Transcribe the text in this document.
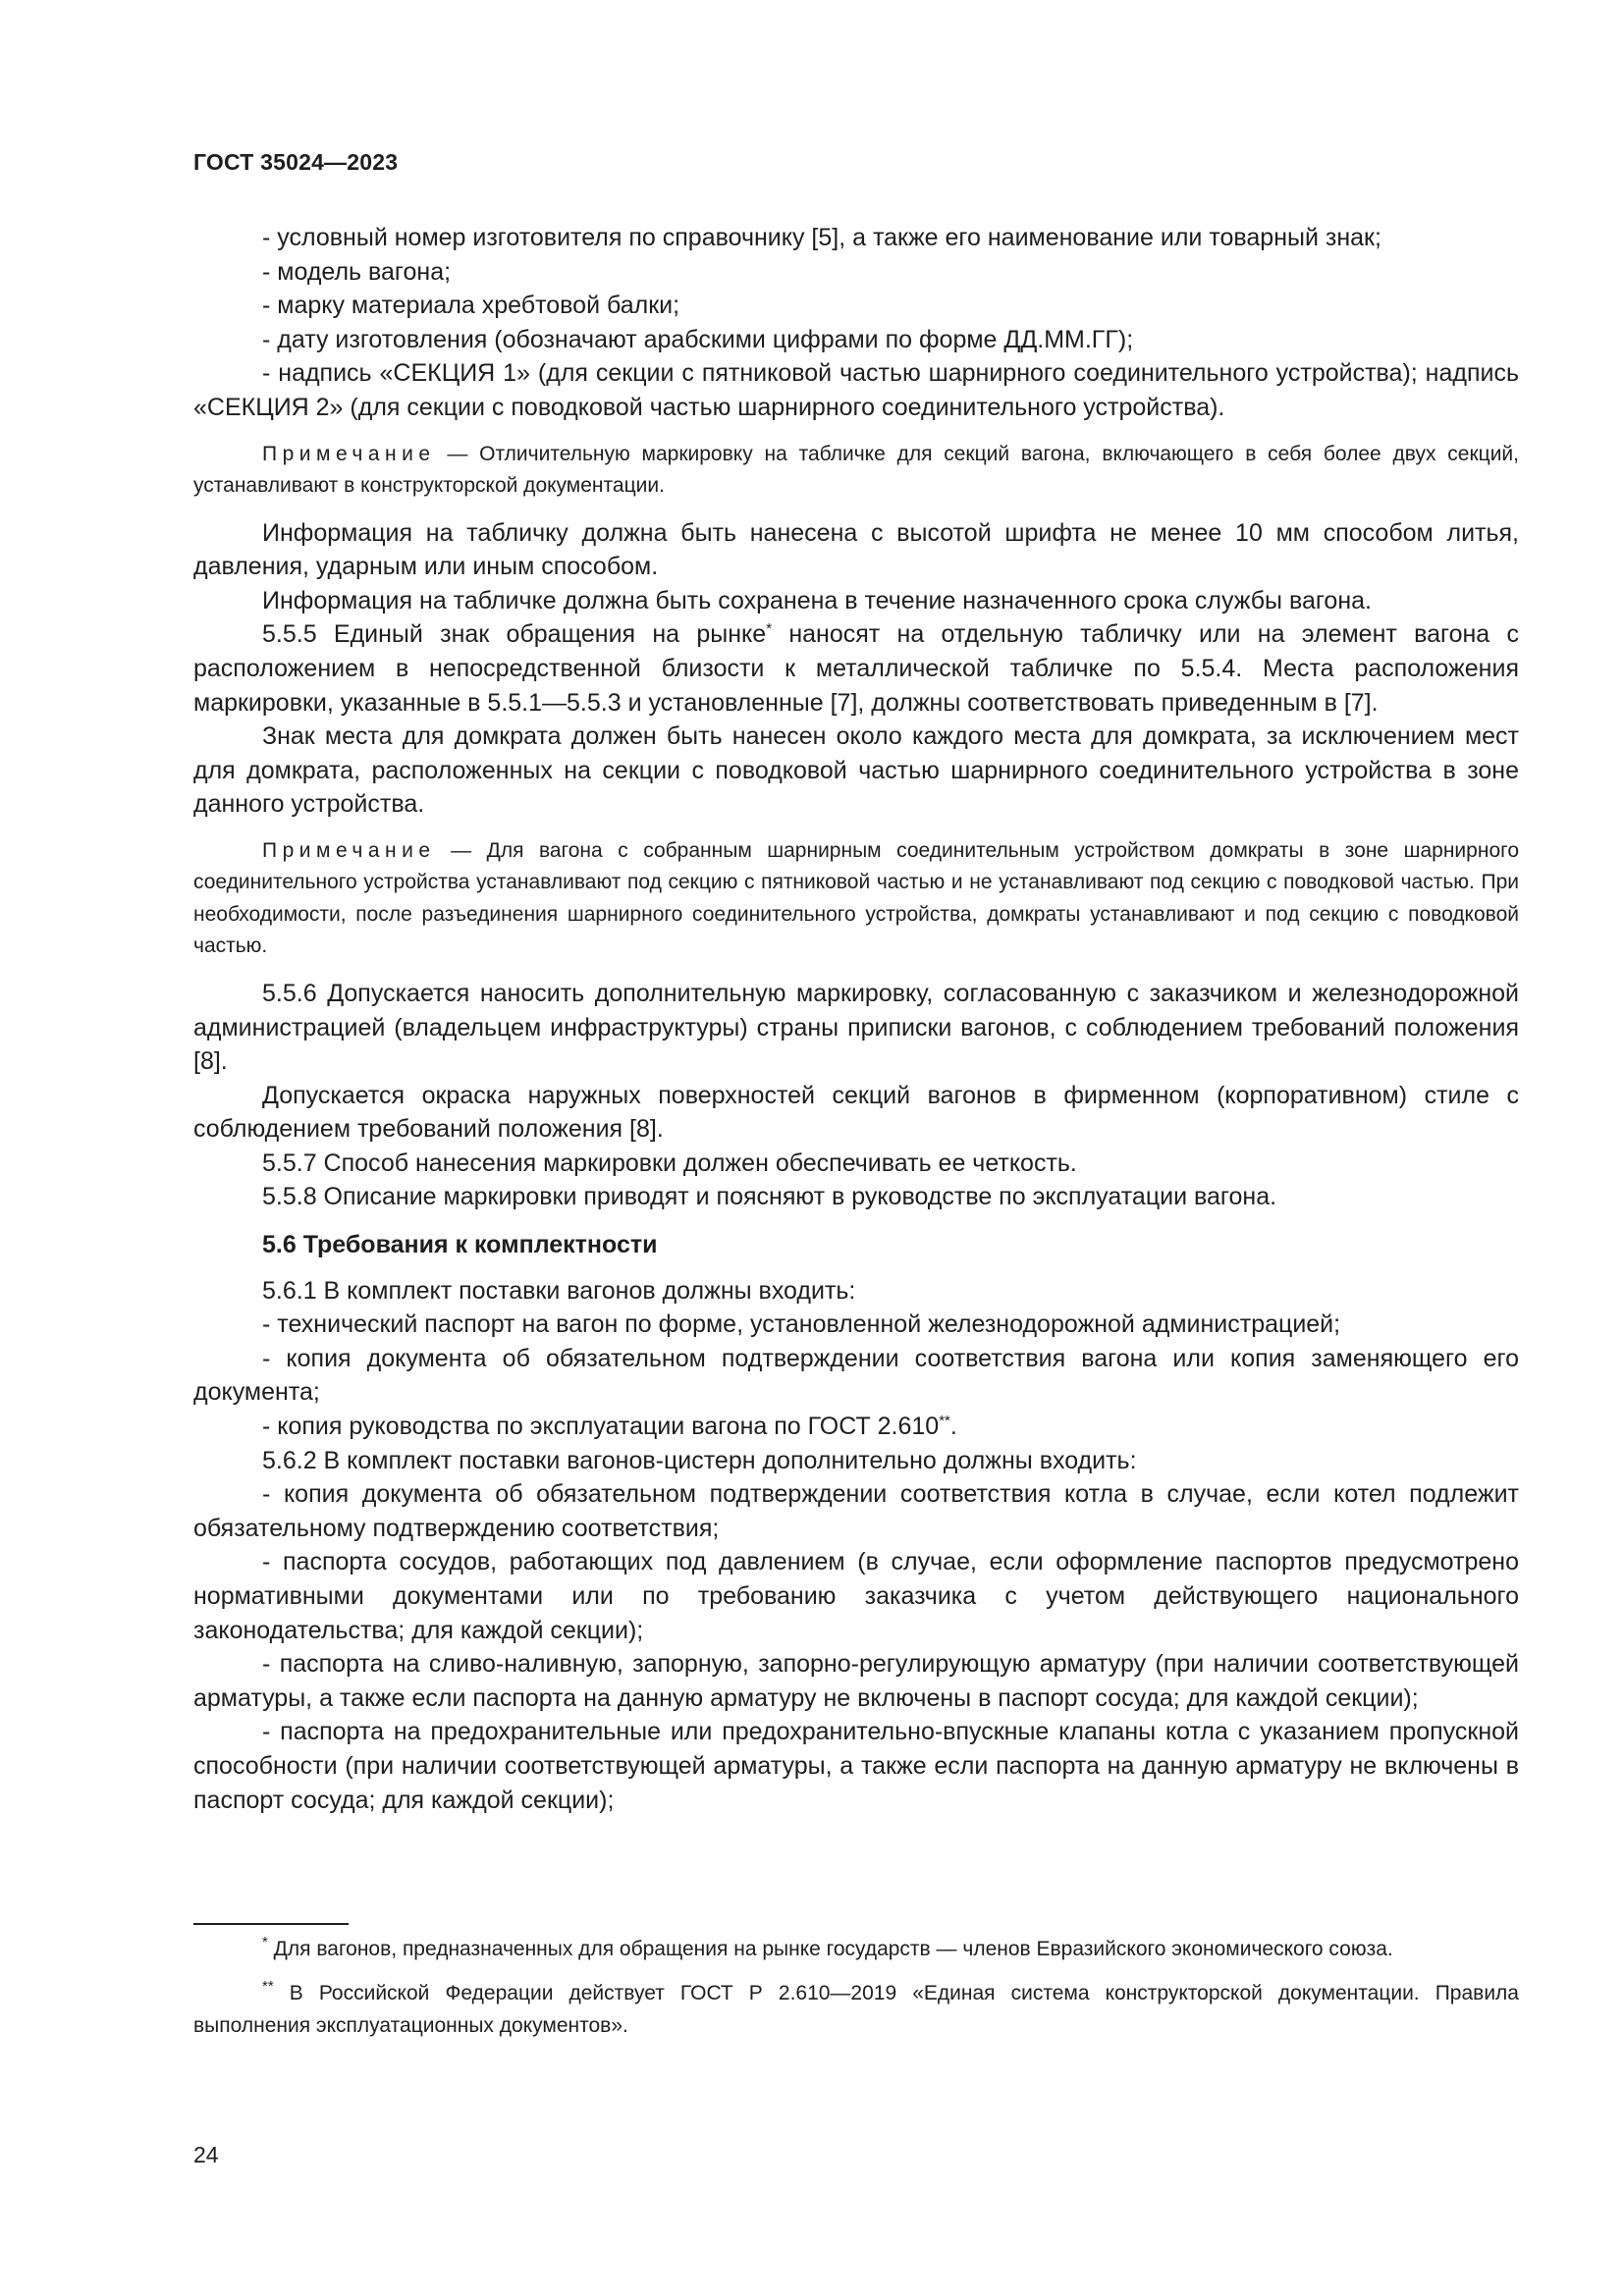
ГОСТ 35024—2023

- условный номер изготовителя по справочнику [5], а также его наименование или товарный знак;

- модель вагона;

- марку материала хребтовой балки;

- дату изготовления (обозначают арабскими цифрами по форме ДД.ММ.ГГ);

- надпись «СЕКЦИЯ 1» (для секции с пятниковой частью шарнирного соединительного устройства); надпись «СЕКЦИЯ 2» (для секции с поводковой частью шарнирного соединительного устройства).

Примечание — Отличительную маркировку на табличке для секций вагона, включающего в себя более двух секций, устанавливают в конструкторской документации.

Информация на табличку должна быть нанесена с высотой шрифта не менее 10 мм способом литья, давления, ударным или иным способом.

Информация на табличке должна быть сохранена в течение назначенного срока службы вагона.

5.5.5 Единый знак обращения на рынке* наносят на отдельную табличку или на элемент вагона с расположением в непосредственной близости к металлической табличке по 5.5.4. Места расположения маркировки, указанные в 5.5.1—5.5.3 и установленные [7], должны соответствовать приведенным в [7].

Знак места для домкрата должен быть нанесен около каждого места для домкрата, за исключением мест для домкрата, расположенных на секции с поводковой частью шарнирного соединительного устройства в зоне данного устройства.

Примечание — Для вагона с собранным шарнирным соединительным устройством домкраты в зоне шарнирного соединительного устройства устанавливают под секцию с пятниковой частью и не устанавливают под секцию с поводковой частью. При необходимости, после разъединения шарнирного соединительного устройства, домкраты устанавливают и под секцию с поводковой частью.

5.5.6 Допускается наносить дополнительную маркировку, согласованную с заказчиком и железнодорожной администрацией (владельцем инфраструктуры) страны приписки вагонов, с соблюдением требований положения [8].

Допускается окраска наружных поверхностей секций вагонов в фирменном (корпоративном) стиле с соблюдением требований положения [8].

5.5.7 Способ нанесения маркировки должен обеспечивать ее четкость.

5.5.8 Описание маркировки приводят и поясняют в руководстве по эксплуатации вагона.

5.6 Требования к комплектности

5.6.1 В комплект поставки вагонов должны входить:

- технический паспорт на вагон по форме, установленной железнодорожной администрацией;

- копия документа об обязательном подтверждении соответствия вагона или копия заменяющего его документа;

- копия руководства по эксплуатации вагона по ГОСТ 2.610**.

5.6.2 В комплект поставки вагонов-цистерн дополнительно должны входить:

- копия документа об обязательном подтверждении соответствия котла в случае, если котел подлежит обязательному подтверждению соответствия;

- паспорта сосудов, работающих под давлением (в случае, если оформление паспортов предусмотрено нормативными документами или по требованию заказчика с учетом действующего национального законодательства; для каждой секции);

- паспорта на сливо-наливную, запорную, запорно-регулирующую арматуру (при наличии соответствующей арматуры, а также если паспорта на данную арматуру не включены в паспорт сосуда; для каждой секции);

- паспорта на предохранительные или предохранительно-впускные клапаны котла с указанием пропускной способности (при наличии соответствующей арматуры, а также если паспорта на данную арматуру не включены в паспорт сосуда; для каждой секции);

* Для вагонов, предназначенных для обращения на рынке государств — членов Евразийского экономического союза.

** В Российской Федерации действует ГОСТ Р 2.610—2019 «Единая система конструкторской документации. Правила выполнения эксплуатационных документов».

24
